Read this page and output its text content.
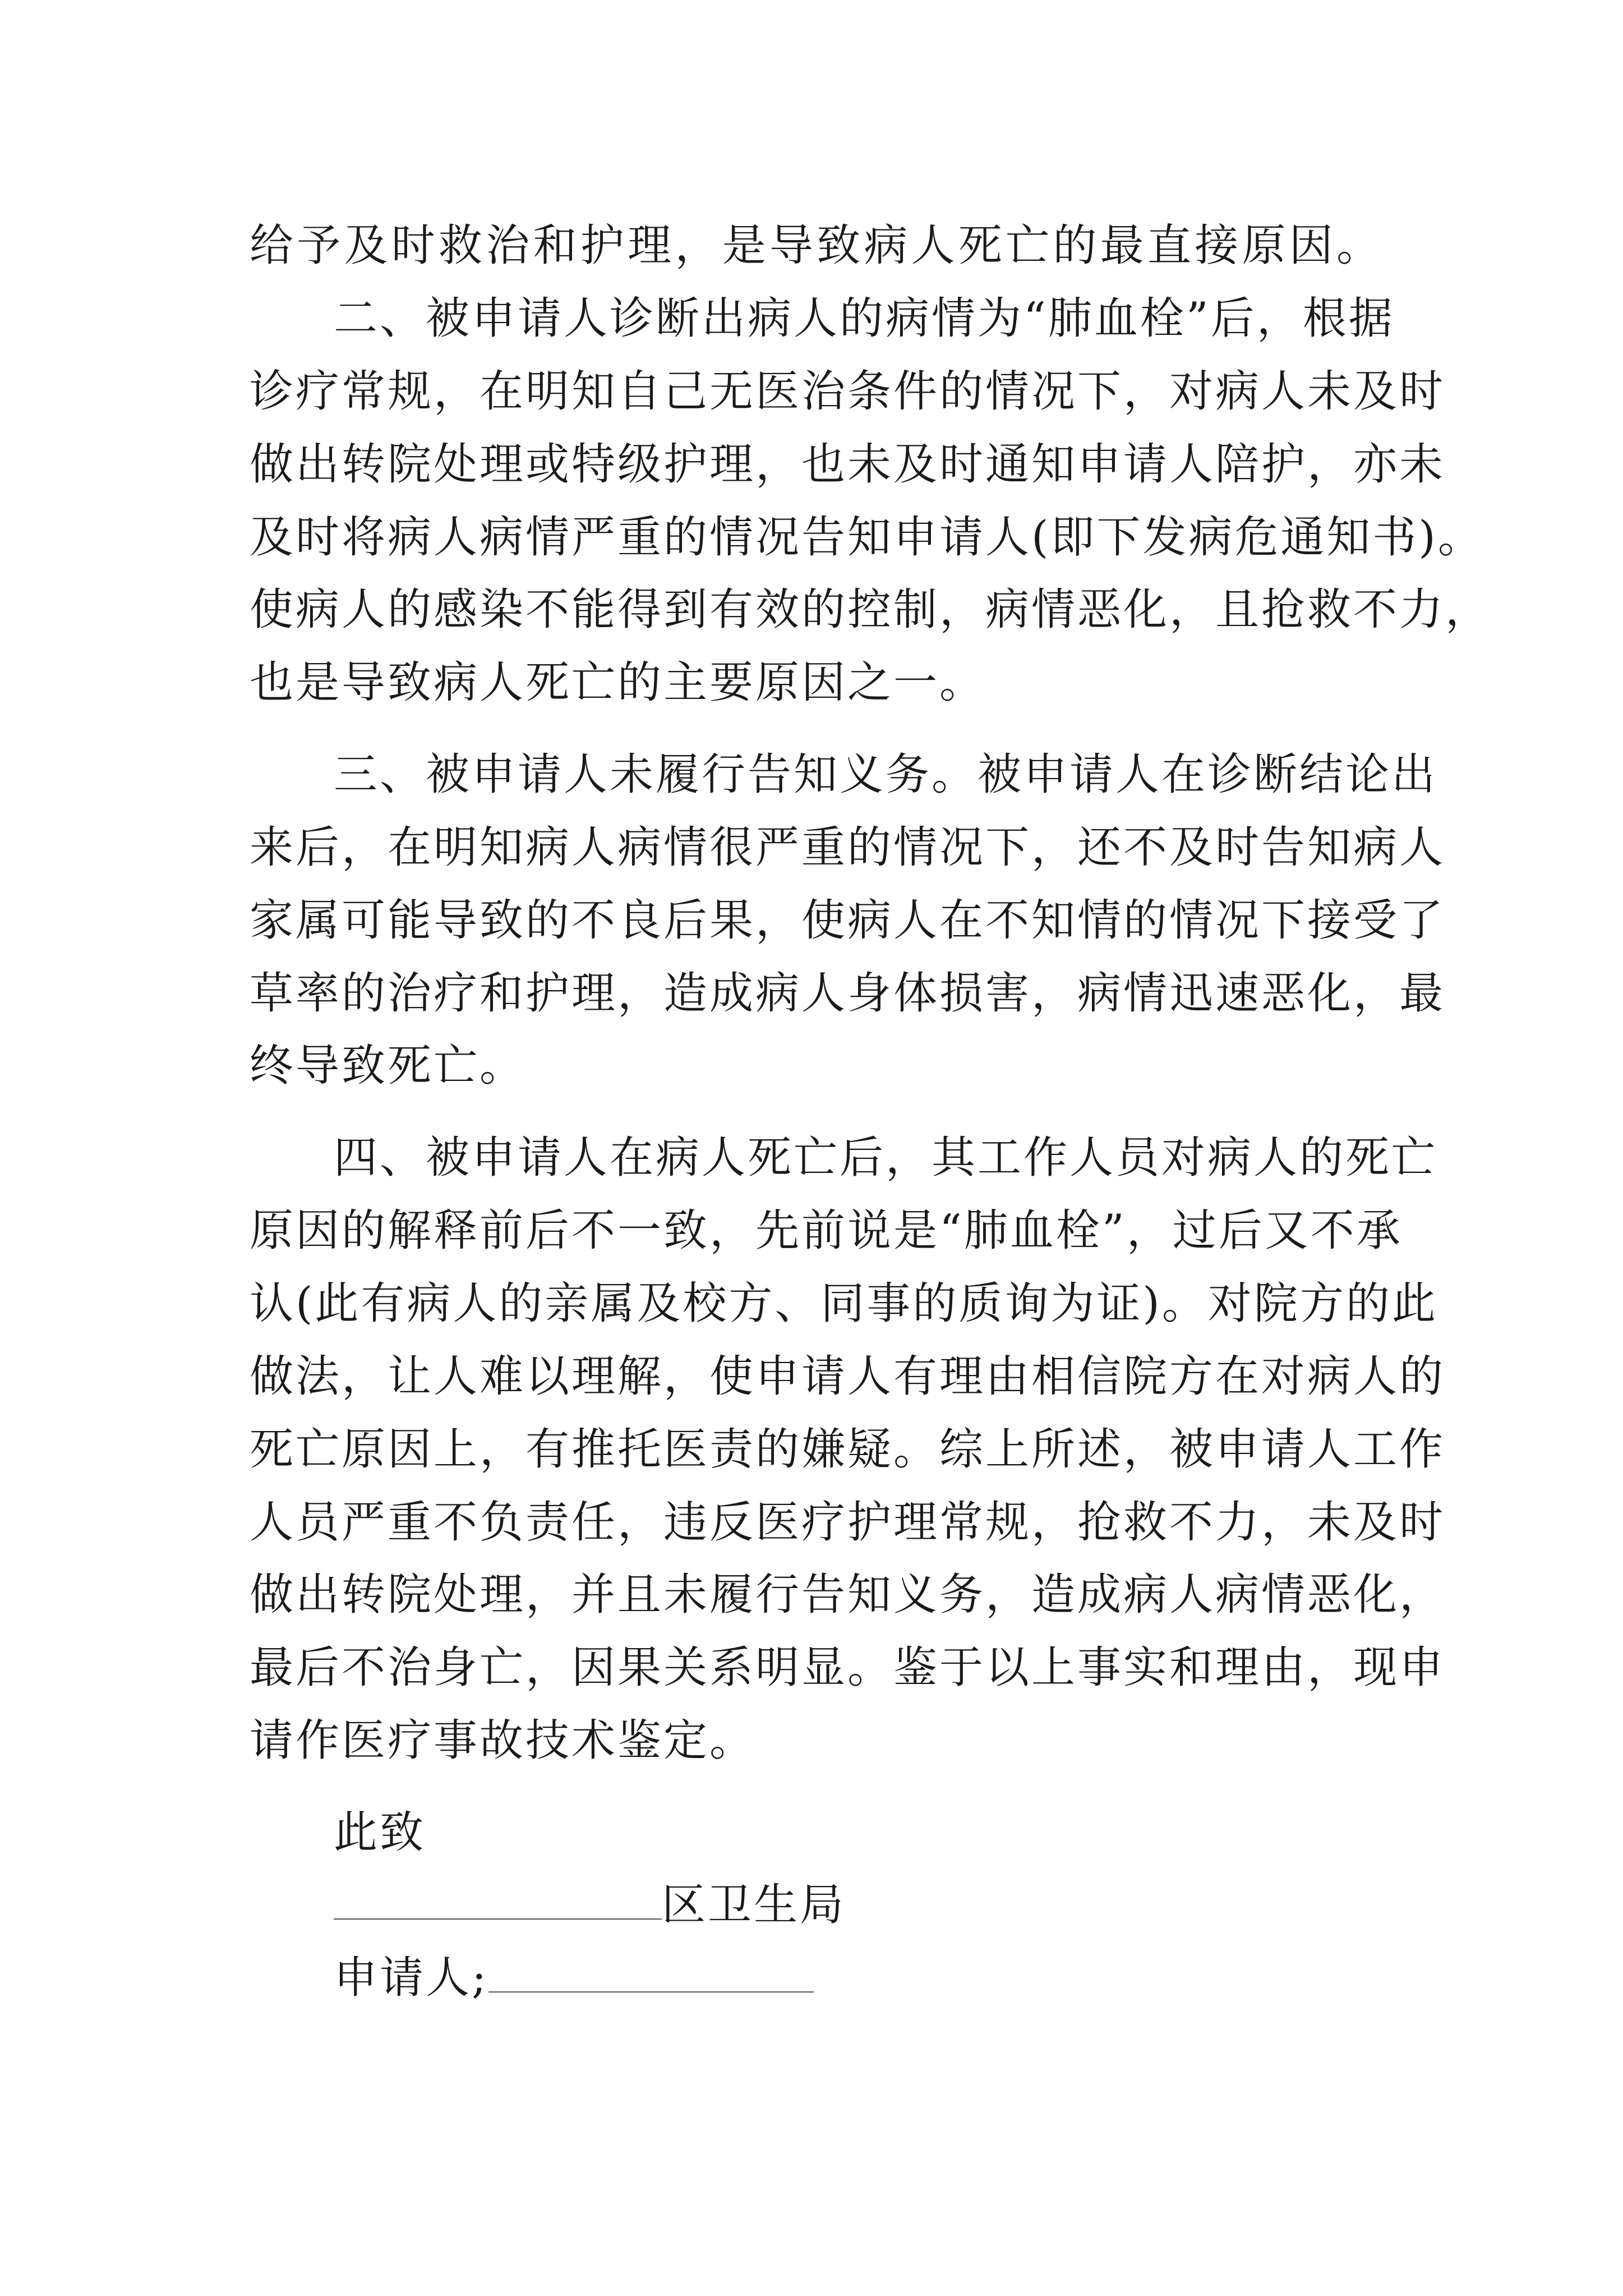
给予及时救治和护理，是导致病人死亡的最直接原因。

二、被申请人诊断出病人的病情为“肺血栓”后，根据

诊疗常规，在明知自己无医治条件的情况下，对病人未及时

做出转院处理或特级护理，也未及时通知申请人陪护，亦未

及时将病人病情严重的情况告知申请人(即下发病危通知书)。

使病人的感染不能得到有效的控制，病情恶化，且抢救不力，

也是导致病人死亡的主要原因之一。

三、被申请人未履行告知义务。被申请人在诊断结论出

来后，在明知病人病情很严重的情况下，还不及时告知病人

家属可能导致的不良后果，使病人在不知情的情况下接受了

草率的治疗和护理，造成病人身体损害，病情迅速恶化，最

终导致死亡。

四、被申请人在病人死亡后，其工作人员对病人的死亡

原因的解释前后不一致，先前说是“肺血栓”，过后又不承

认(此有病人的亲属及校方、同事的质询为证)。对院方的此

做法，让人难以理解，使申请人有理由相信院方在对病人的

死亡原因上，有推托医责的嫌疑。综上所述，被申请人工作

人员严重不负责任，违反医疗护理常规，抢救不力，未及时

做出转院处理，并且未履行告知义务，造成病人病情恶化，

最后不治身亡，因果关系明显。鉴于以上事实和理由，现申

请作医疗事故技术鉴定。

此致

区卫生局

申请人;
